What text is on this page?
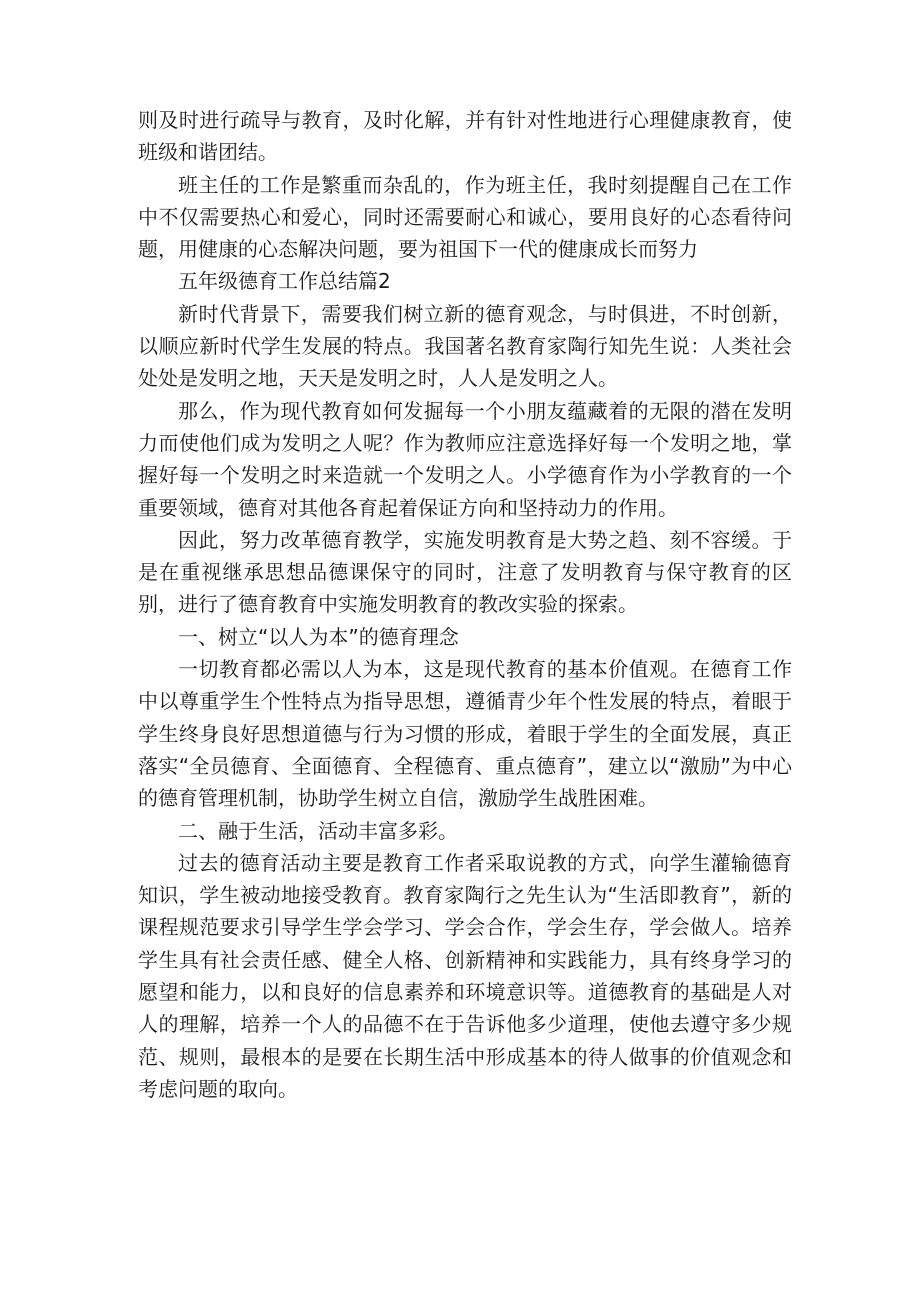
则及时进行疏导与教育，及时化解，并有针对性地进行心理健康教育，使班级和谐团结。

班主任的工作是繁重而杂乱的，作为班主任，我时刻提醒自己在工作中不仅需要热心和爱心，同时还需要耐心和诚心，要用良好的心态看待问题，用健康的心态解决问题，要为祖国下一代的健康成长而努力

五年级德育工作总结篇2

新时代背景下，需要我们树立新的德育观念，与时俱进，不时创新，以顺应新时代学生发展的特点。我国著名教育家陶行知先生说：人类社会处处是发明之地，天天是发明之时，人人是发明之人。

那么，作为现代教育如何发掘每一个小朋友蕴藏着的无限的潜在发明力而使他们成为发明之人呢？作为教师应注意选择好每一个发明之地，掌握好每一个发明之时来造就一个发明之人。小学德育作为小学教育的一个重要领域，德育对其他各育起着保证方向和坚持动力的作用。

因此，努力改革德育教学，实施发明教育是大势之趋、刻不容缓。于是在重视继承思想品德课保守的同时，注意了发明教育与保守教育的区别，进行了德育教育中实施发明教育的教改实验的探索。

一、树立“以人为本”的德育理念

一切教育都必需以人为本，这是现代教育的基本价值观。在德育工作中以尊重学生个性特点为指导思想，遵循青少年个性发展的特点，着眼于学生终身良好思想道德与行为习惯的形成，着眼于学生的全面发展，真正落实“全员德育、全面德育、全程德育、重点德育”，建立以“激励”为中心的德育管理机制，协助学生树立自信，激励学生战胜困难。

二、融于生活，活动丰富多彩。

过去的德育活动主要是教育工作者采取说教的方式，向学生灌输德育知识，学生被动地接受教育。教育家陶行之先生认为“生活即教育”，新的课程规范要求引导学生学会学习、学会合作，学会生存，学会做人。培养学生具有社会责任感、健全人格、创新精神和实践能力，具有终身学习的愿望和能力，以和良好的信息素养和环境意识等。道德教育的基础是人对人的理解，培养一个人的品德不在于告诉他多少道理，使他去遵守多少规范、规则，最根本的是要在长期生活中形成基本的待人做事的价值观念和考虑问题的取向。
